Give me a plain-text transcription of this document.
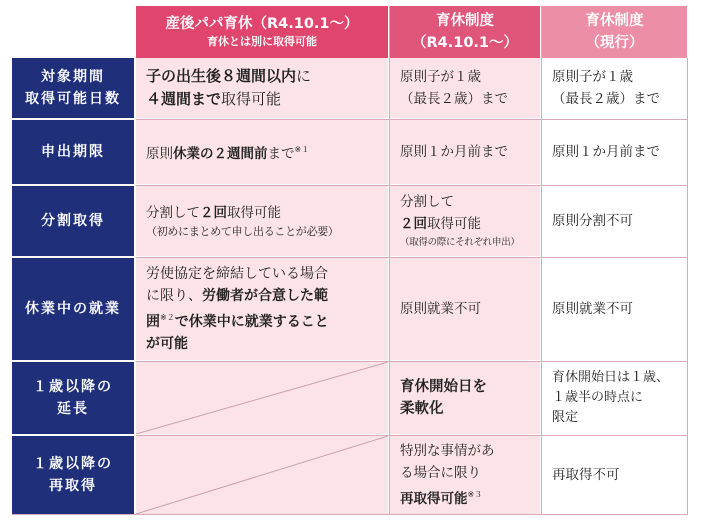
産後パパ育休（R4.10.1～）
育休とは別に取得可能
育休制度
（R4.10.1～）
育休制度
（現行）
対象期間
取得可能日数
申出期限
分割取得
休業中の就業
１歳以降の
延長
１歳以降の
再取得
子の出生後８週間以内に
４週間まで取得可能
原則休業の２週間前まで$^{※1}$
分割して２回取得可能
（初めにまとめて申し出ることが必要）
労使協定を締結している場合
に限り、労働者が合意した範
囲$^{※2}$で休業中に就業すること
が可能
原則子が１歳
（最長２歳）まで
原則１か月前まで
分割して
２回取得可能
（取得の際にそれぞれ申出）
原則就業不可
育休開始日を
柔軟化
特別な事情があ
る場合に限り
再取得可能$^{※3}$
原則子が１歳
（最長２歳）まで
原則１か月前まで
原則分割不可
原則就業不可
育休開始日は１歳、
１歳半の時点に
限定
再取得不可
